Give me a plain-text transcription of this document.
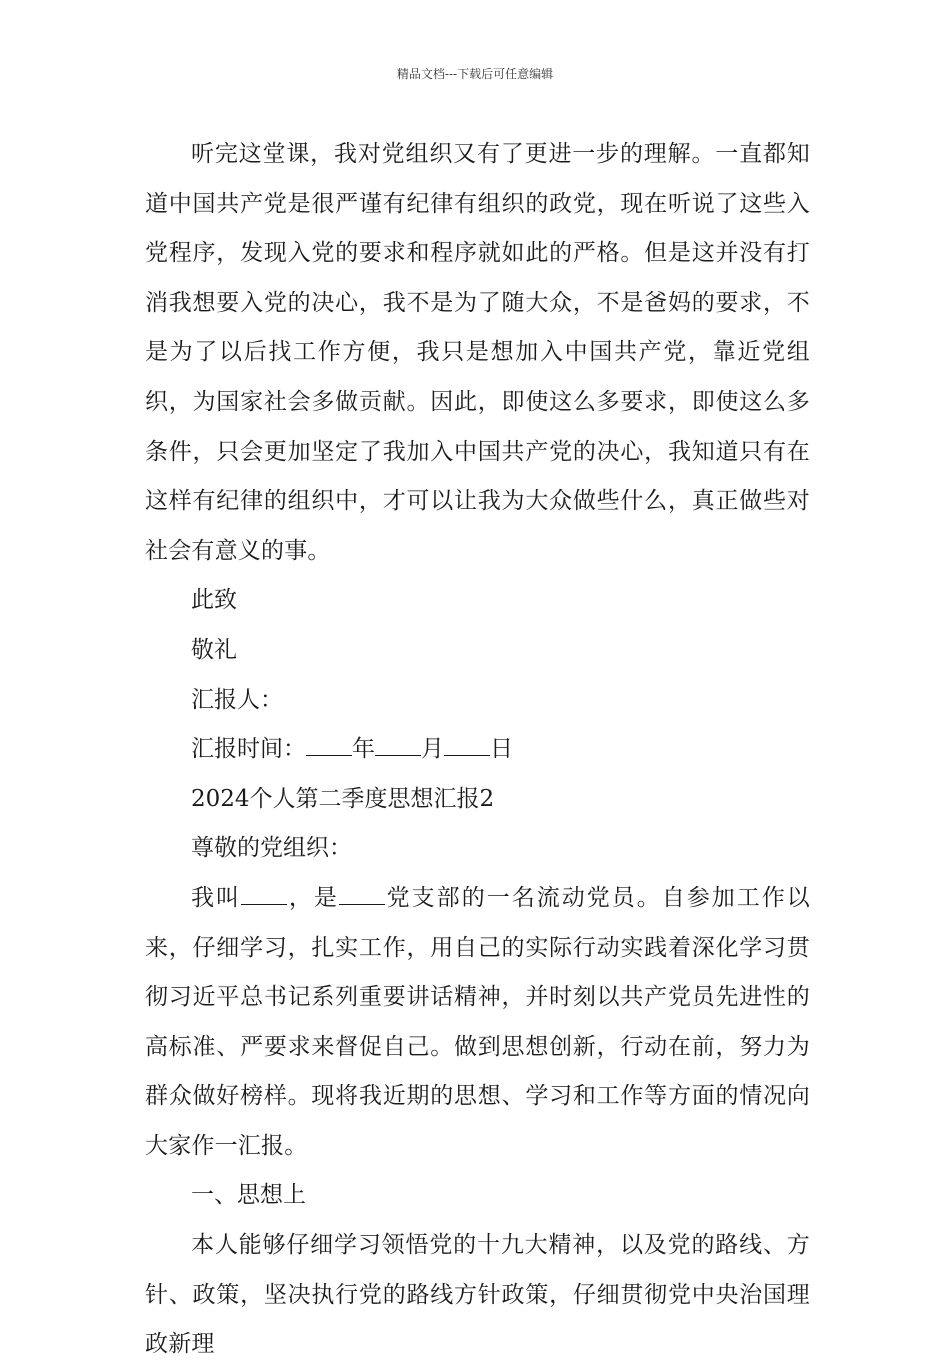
精品文档---下载后可任意编辑

听完这堂课，我对党组织又有了更进一步的理解。一直都知道中国共产党是很严谨有纪律有组织的政党，现在听说了这些入党程序，发现入党的要求和程序就如此的严格。但是这并没有打消我想要入党的决心，我不是为了随大众，不是爸妈的要求，不是为了以后找工作方便，我只是想加入中国共产党，靠近党组织，为国家社会多做贡献。因此，即使这么多要求，即使这么多条件，只会更加坚定了我加入中国共产党的决心，我知道只有在这样有纪律的组织中，才可以让我为大众做些什么，真正做些对社会有意义的事。

此致

敬礼

汇报人：

汇报时间： 年 月 日

2024个人第二季度思想汇报2

尊敬的党组织：

我叫 ，是 党支部的一名流动党员。自参加工作以来，仔细学习，扎实工作，用自己的实际行动实践着深化学习贯彻习近平总书记系列重要讲话精神，并时刻以共产党员先进性的高标准、严要求来督促自己。做到思想创新，行动在前，努力为群众做好榜样。现将我近期的思想、学习和工作等方面的情况向大家作一汇报。

一、思想上

本人能够仔细学习领悟党的十九大精神，以及党的路线、方针、政策，坚决执行党的路线方针政策，仔细贯彻党中央治国理政新理
